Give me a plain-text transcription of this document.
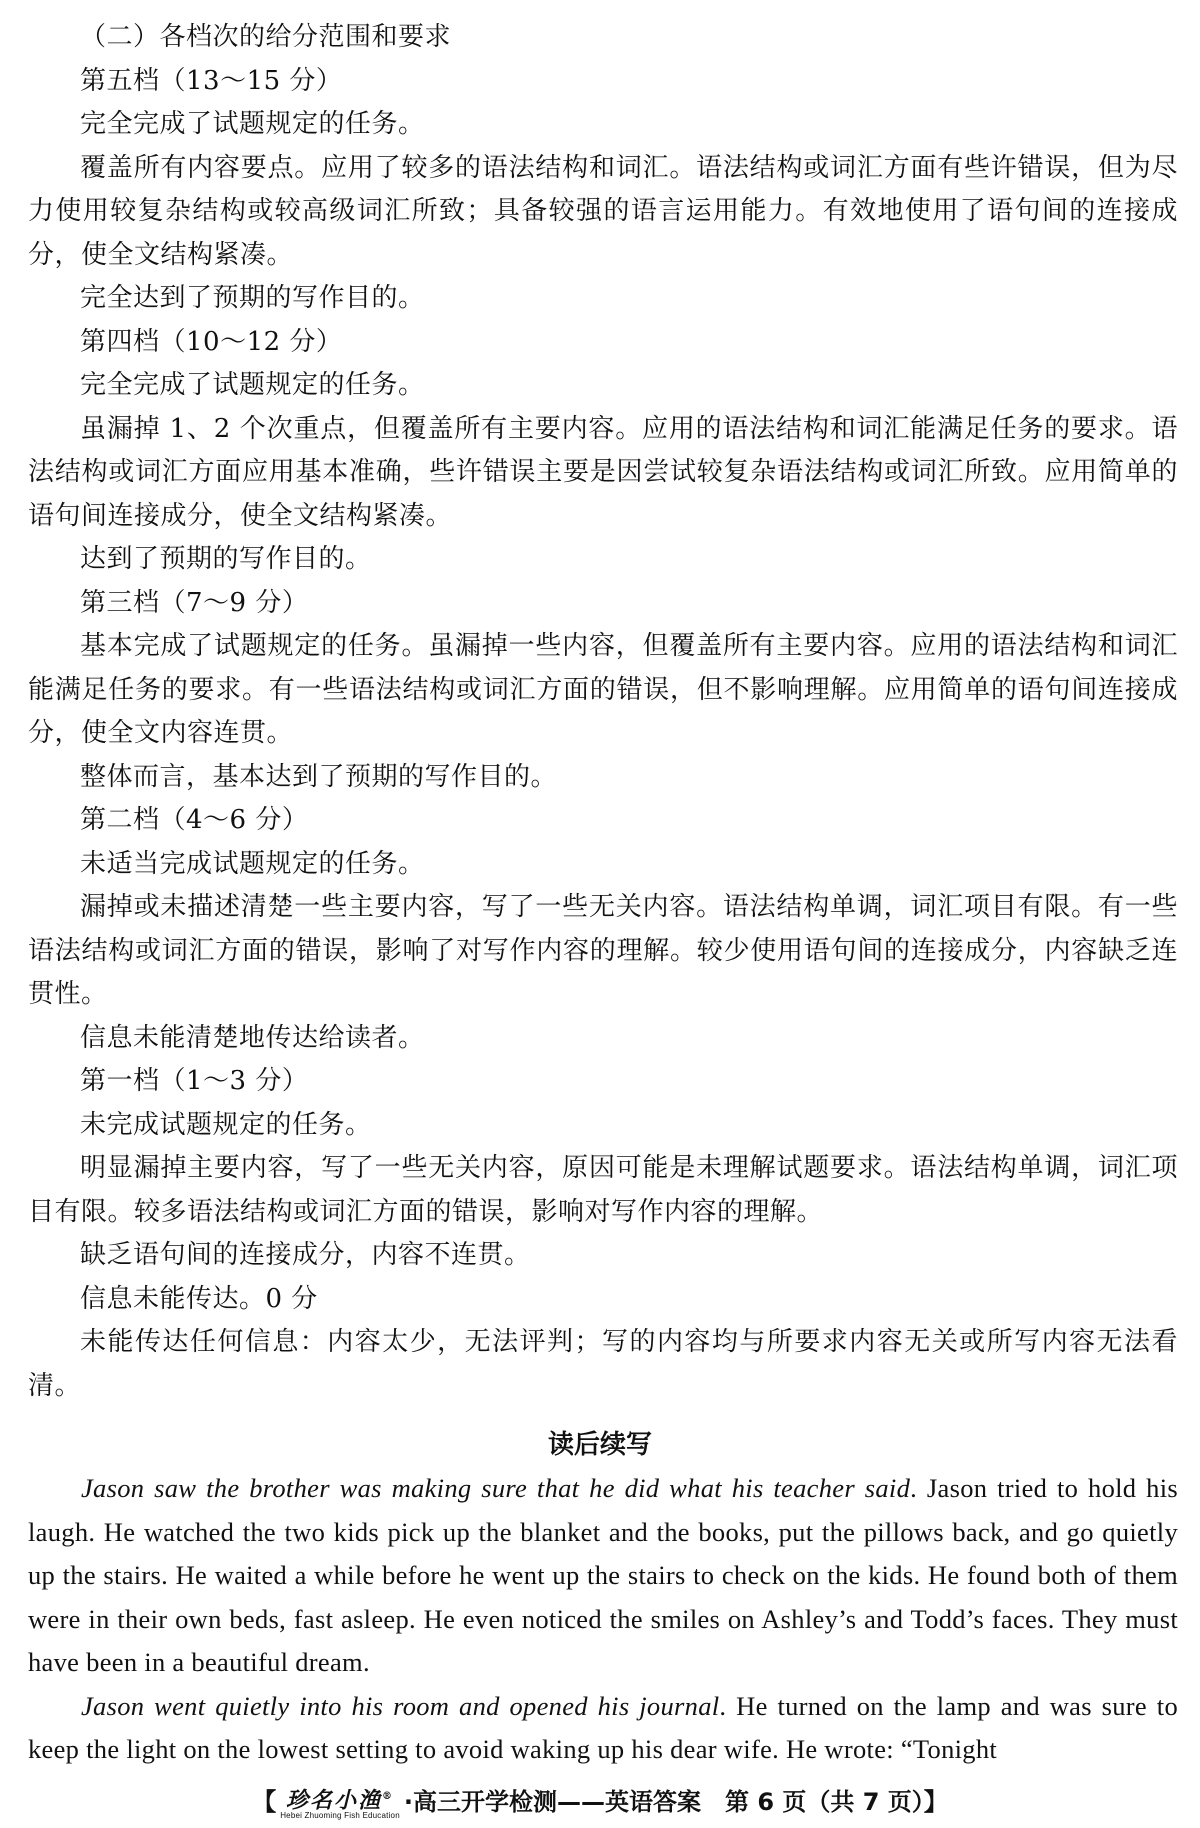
（二）各档次的给分范围和要求

第五档（13～15 分）

完全完成了试题规定的任务。

覆盖所有内容要点。应用了较多的语法结构和词汇。语法结构或词汇方面有些许错误，但为尽力使用较复杂结构或较高级词汇所致；具备较强的语言运用能力。有效地使用了语句间的连接成分，使全文结构紧凑。

完全达到了预期的写作目的。

第四档（10～12 分）

完全完成了试题规定的任务。

虽漏掉 1、2 个次重点，但覆盖所有主要内容。应用的语法结构和词汇能满足任务的要求。语法结构或词汇方面应用基本准确，些许错误主要是因尝试较复杂语法结构或词汇所致。应用简单的语句间连接成分，使全文结构紧凑。

达到了预期的写作目的。

第三档（7～9 分）

基本完成了试题规定的任务。虽漏掉一些内容，但覆盖所有主要内容。应用的语法结构和词汇能满足任务的要求。有一些语法结构或词汇方面的错误，但不影响理解。应用简单的语句间连接成分，使全文内容连贯。

整体而言，基本达到了预期的写作目的。

第二档（4～6 分）

未适当完成试题规定的任务。

漏掉或未描述清楚一些主要内容，写了一些无关内容。语法结构单调，词汇项目有限。有一些语法结构或词汇方面的错误，影响了对写作内容的理解。较少使用语句间的连接成分，内容缺乏连贯性。

信息未能清楚地传达给读者。

第一档（1～3 分）

未完成试题规定的任务。

明显漏掉主要内容，写了一些无关内容，原因可能是未理解试题要求。语法结构单调，词汇项目有限。较多语法结构或词汇方面的错误，影响对写作内容的理解。

缺乏语句间的连接成分，内容不连贯。

信息未能传达。0 分

未能传达任何信息：内容太少，无法评判；写的内容均与所要求内容无关或所写内容无法看清。

读后续写

Jason saw the brother was making sure that he did what his teacher said. Jason tried to hold his laugh. He watched the two kids pick up the blanket and the books, put the pillows back, and go quietly up the stairs. He waited a while before he went up the stairs to check on the kids. He found both of them were in their own beds, fast asleep. He even noticed the smiles on Ashley’s and Todd’s faces. They must have been in a beautiful dream.

Jason went quietly into his room and opened his journal. He turned on the lamp and was sure to keep the light on the lowest setting to avoid waking up his dear wife. He wrote: “Tonight

【 珍名小渔®
Hebei Zhuoming Fish Education ·高三开学检测——英语答案　第 6 页（共 7 页）】
